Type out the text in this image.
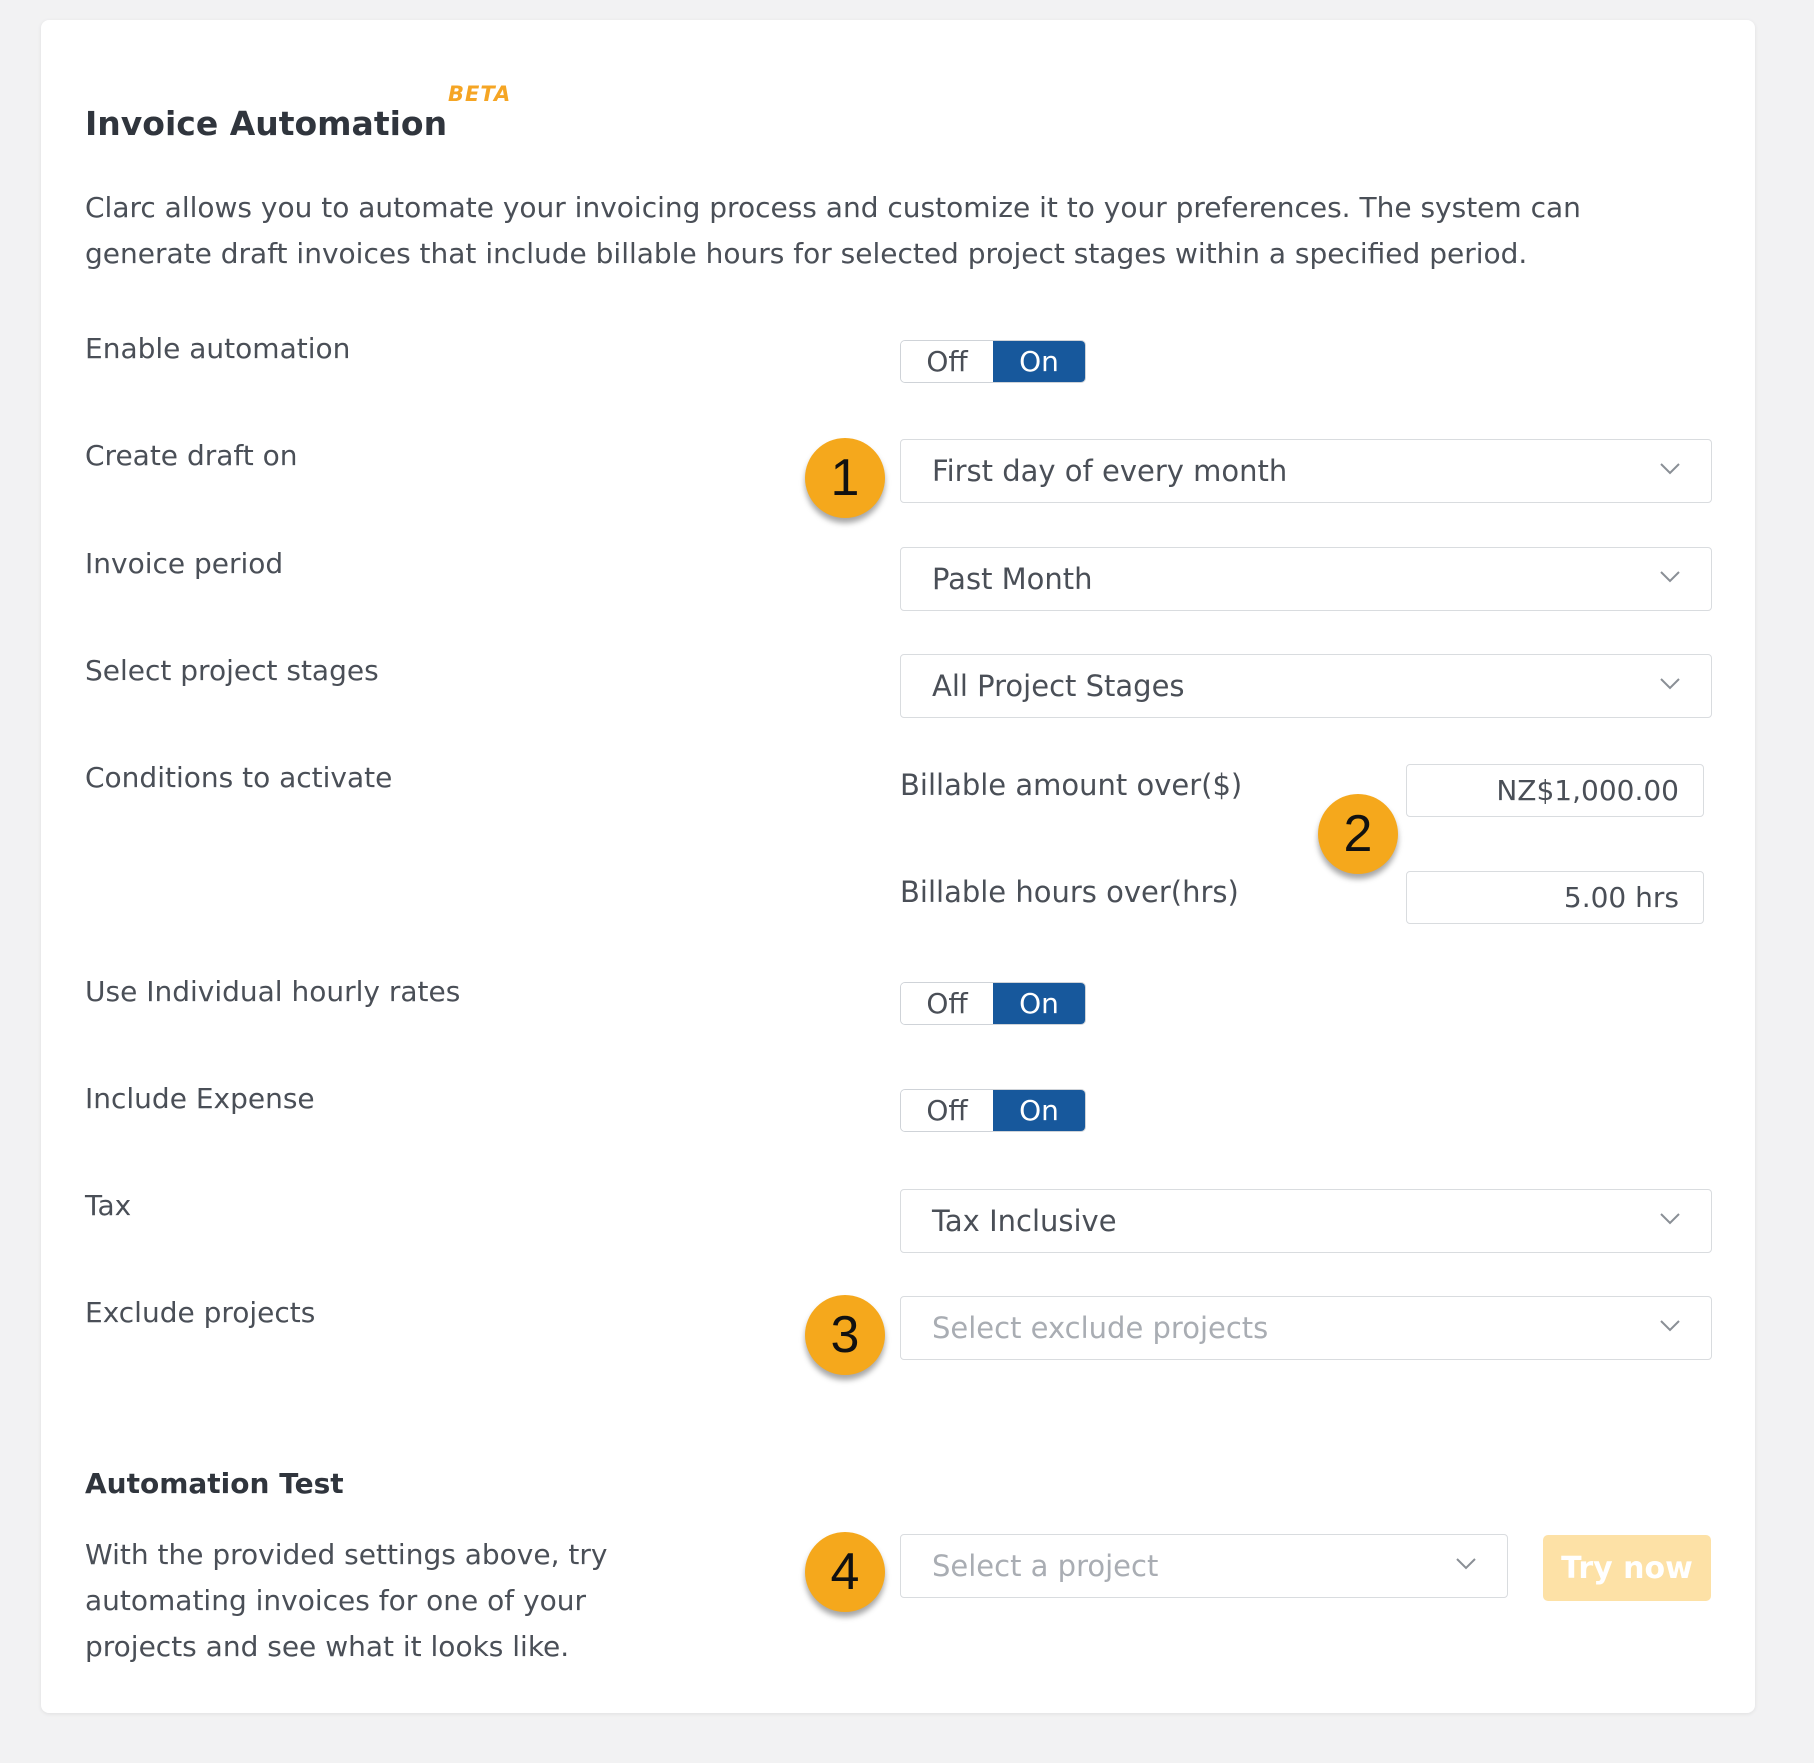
Invoice Automation
BETA

Clarc allows you to automate your invoicing process and customize it to your preferences. The system can

generate draft invoices that include billable hours for selected project stages within a specified period.

Enable automation	Off	On
Create draft on	First day of every month
Invoice period	Past Month
Select project stages	All Project Stages
Conditions to activate	Billable amount over($)	NZ$1,000.00
Billable hours over(hrs)	5.00 hrs
Use Individual hourly rates	Off	On
Include Expense	Off	On
Tax	Tax Inclusive
Exclude projects	Select exclude projects
Automation Test

With the provided settings above, try

automating invoices for one of your

projects and see what it looks like.

Select a project	Try now
1
2
3
4
